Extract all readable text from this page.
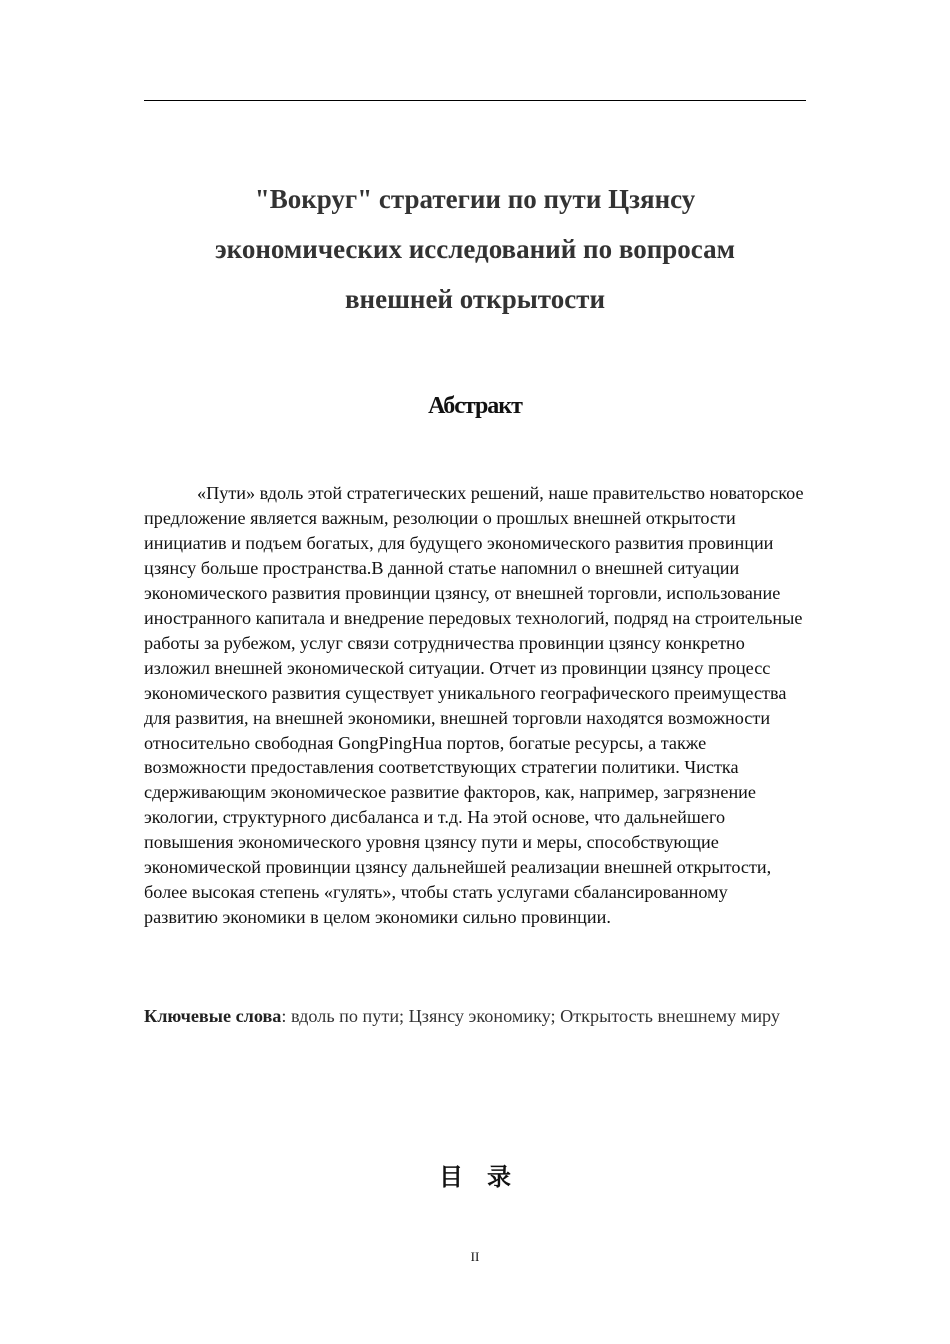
"Вокруг" стратегии по пути Цзянсу
экономических исследований по вопросам
внешней открытости
Абстракт

«Пути» вдоль этой стратегических решений, наше правительство новаторское предложение является важным, резолюции о прошлых внешней открытости инициатив и подъем богатых, для будущего экономического развития провинции цзянсу больше пространства.В данной статье напомнил о внешней ситуации экономического развития провинции цзянсу, от внешней торговли, использование иностранного капитала и внедрение передовых технологий, подряд на строительные работы за рубежом, услуг связи сотрудничества провинции цзянсу конкретно изложил внешней экономической ситуации. Отчет из провинции цзянсу процесс экономического развития существует уникального географического преимущества для развития, на внешней экономики, внешней торговли находятся возможности относительно свободная GongPingHua портов, богатые ресурсы, а также возможности предоставления соответствующих стратегии политики. Чистка сдерживающим экономическое развитие факторов, как, например, загрязнение экологии, структурного дисбаланса и т.д. На этой основе, что дальнейшего повышения экономического уровня цзянсу пути и меры, способствующие экономической провинции цзянсу дальнейшей реализации внешней открытости, более высокая степень «гулять», чтобы стать услугами сбалансированному развитию экономики в целом экономики сильно провинции.

Ключевые слова: вдоль по пути; Цзянсу экономику; Открытость внешнему миру

目　录
II
